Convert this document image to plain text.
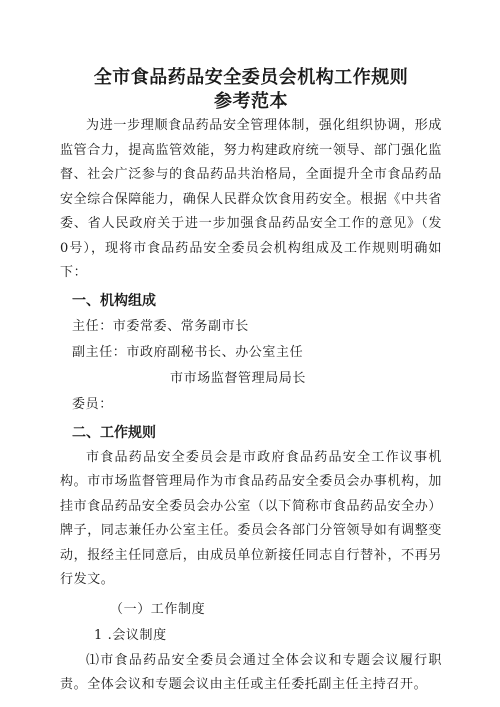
全市食品药品安全委员会机构工作规则
参考范本

为进一步理顺食品药品安全管理体制，强化组织协调，形成监管合力，提高监管效能，努力构建政府统一领导、部门强化监督、社会广泛参与的食品药品共治格局，全面提升全市食品药品安全综合保障能力，确保人民群众饮食用药安全。根据《中共省委、省人民政府关于进一步加强食品药品安全工作的意见》（发0号），现将市食品药品安全委员会机构组成及工作规则明确如下：

一、机构组成

主任：市委常委、常务副市长

副主任：市政府副秘书长、办公室主任

市市场监督管理局局长

委员：

二、工作规则

市食品药品安全委员会是市政府食品药品安全工作议事机构。市市场监督管理局作为市食品药品安全委员会办事机构，加挂市食品药品安全委员会办公室（以下简称市食品药品安全办）牌子，同志兼任办公室主任。委员会各部门分管领导如有调整变动，报经主任同意后，由成员单位新接任同志自行替补，不再另行发文。

（一）工作制度

1 .会议制度

⑴市食品药品安全委员会通过全体会议和专题会议履行职责。全体会议和专题会议由主任或主任委托副主任主持召开。
